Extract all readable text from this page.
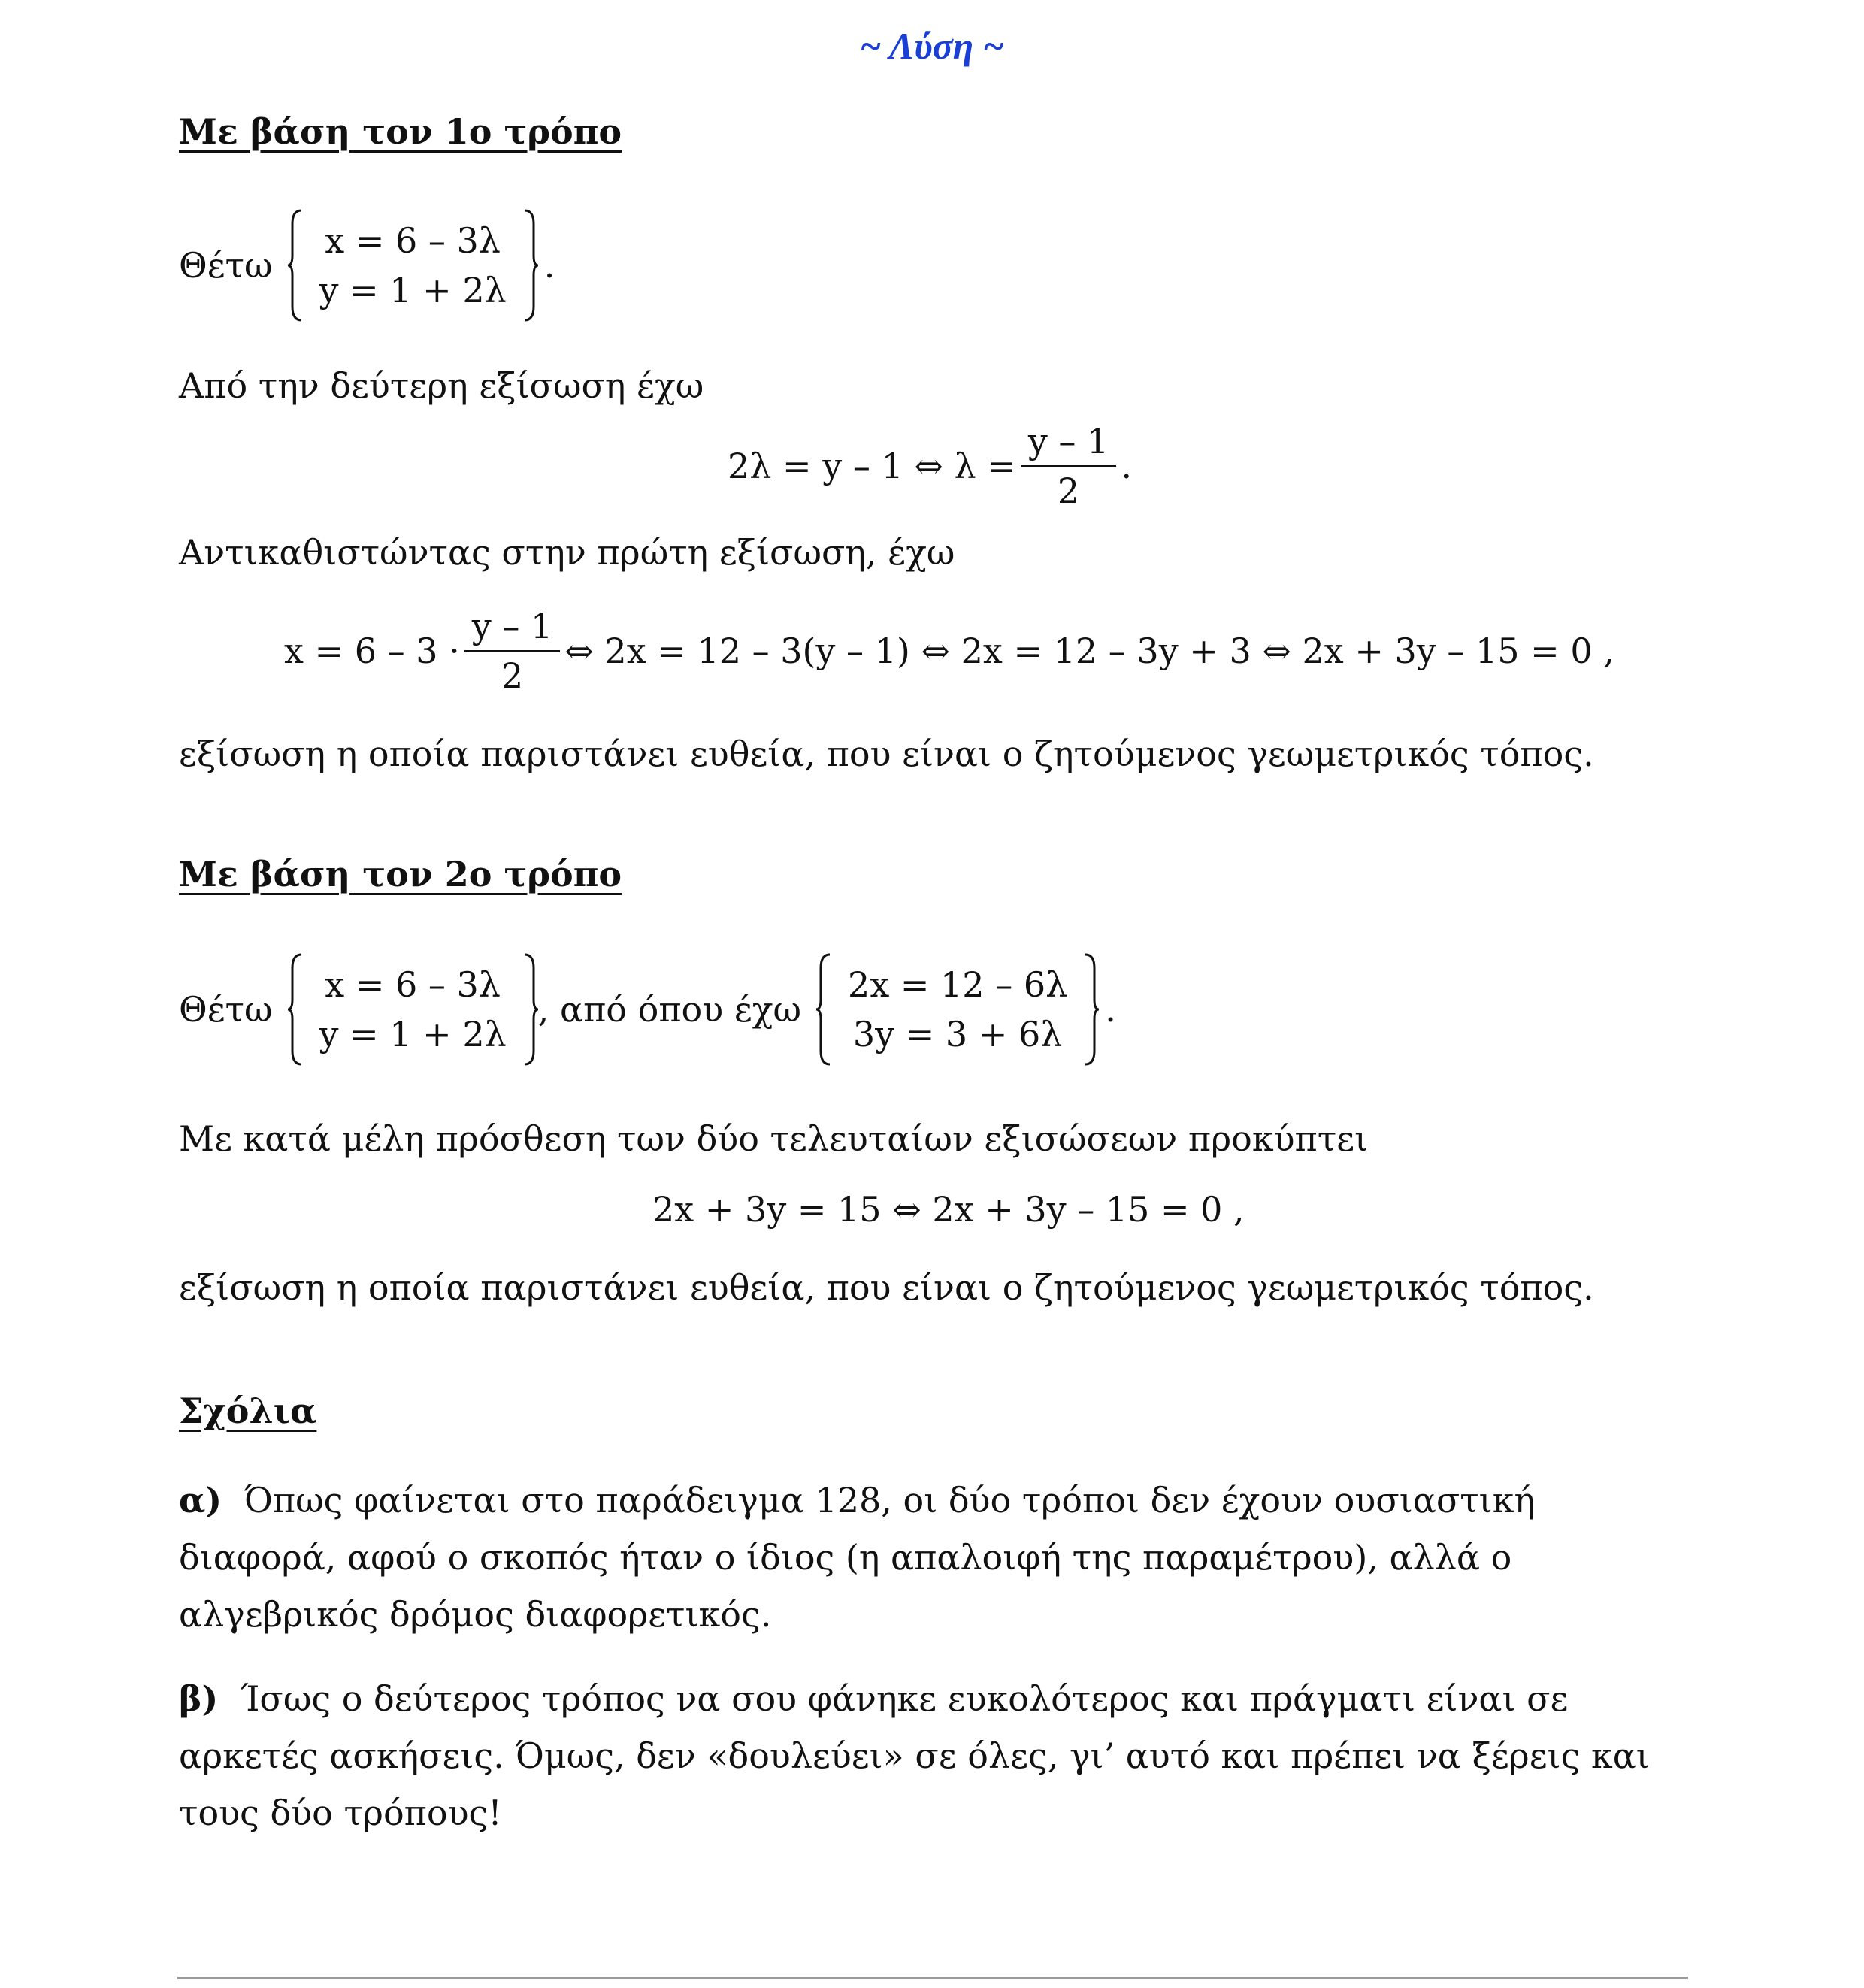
~ Λύση ~
Με βάση τον 1ο τρόπο
Θέτω
x = 6 – 3λ
y = 1 + 2λ
.
Από την δεύτερη εξίσωση έχω
2λ = y – 1 ⇔ $\lambda = \frac{y - 1}{2}$ .
Αντικαθιστώντας στην πρώτη εξίσωση, έχω
$x = 6 - 3 \cdot \frac{y - 1}{2}$ ⇔ 2x = 12 – 3(y – 1) ⇔ 2x = 12 – 3y + 3 ⇔ 2x + 3y – 15 = 0 ,
εξίσωση η οποία παριστάνει ευθεία, που είναι ο ζητούμενος γεωμετρικός τόπος.
Με βάση τον 2ο τρόπο
Θέτω
x = 6 – 3λ
y = 1 + 2λ
, από όπου έχω
2x = 12 – 6λ
3y = 3 + 6λ
.
Με κατά μέλη πρόσθεση των δύο τελευταίων εξισώσεων προκύπτει
2x + 3y = 15 ⇔ 2x + 3y – 15 = 0 ,
εξίσωση η οποία παριστάνει ευθεία, που είναι ο ζητούμενος γεωμετρικός τόπος.
Σχόλια
α) Όπως φαίνεται στο παράδειγμα 128, οι δύο τρόποι δεν έχουν ουσιαστική διαφορά, αφού ο σκοπός ήταν ο ίδιος (η απαλοιφή της παραμέτρου), αλλά ο αλγεβρικός δρόμος διαφορετικός.
β) Ίσως ο δεύτερος τρόπος να σου φάνηκε ευκολότερος και πράγματι είναι σε αρκετές ασκήσεις. Όμως, δεν «δουλεύει» σε όλες, γι’ αυτό και πρέπει να ξέρεις και τους δύο τρόπους!
